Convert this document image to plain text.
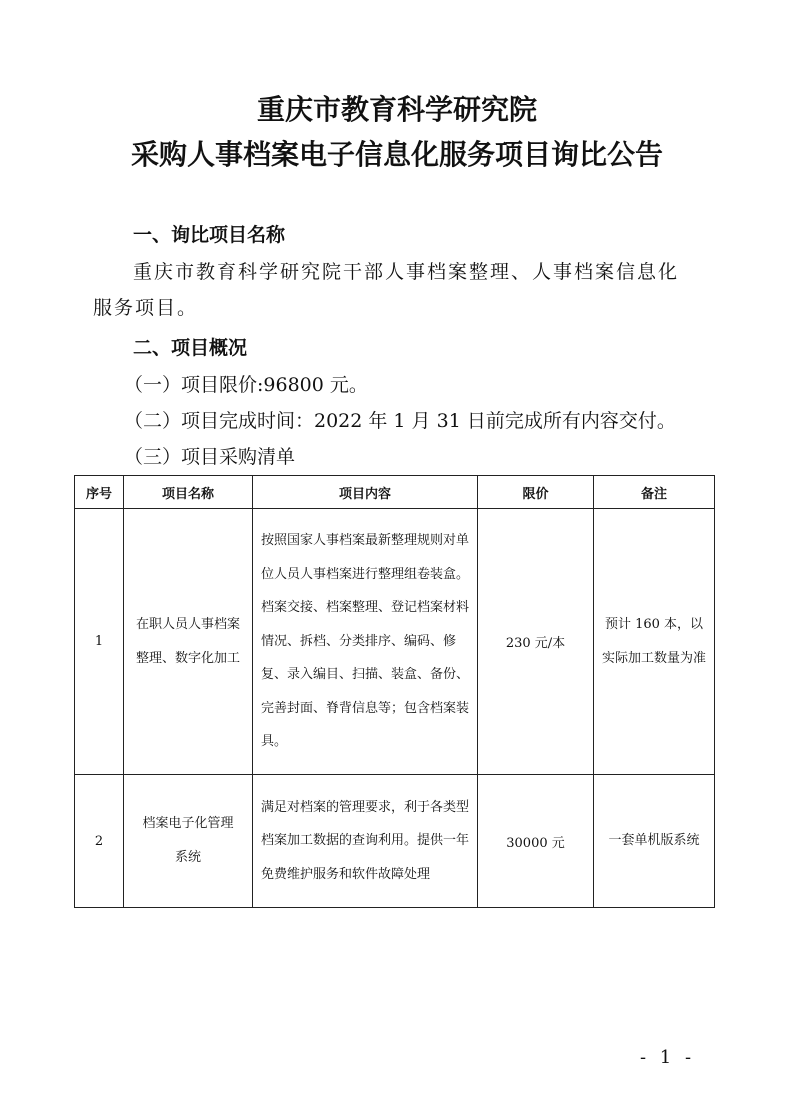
重庆市教育科学研究院
采购人事档案电子信息化服务项目询比公告
一、询比项目名称
重庆市教育科学研究院干部人事档案整理、人事档案信息化
服务项目。
二、项目概况
（一）项目限价:96800 元。
（二）项目完成时间：2022 年 1 月 31 日前完成所有内容交付。
（三）项目采购清单
序号	项目名称	项目内容	限价	备注
1	在职人员人事档案整理、数字化加工	按照国家人事档案最新整理规则对单位人员人事档案进行整理组卷装盒。档案交接、档案整理、登记档案材料情况、拆档、分类排序、编码、修复、录入编目、扫描、装盒、备份、完善封面、脊背信息等；包含档案装具。	230 元/本	预计 160 本，以实际加工数量为准

2	档案电子化管理系统	满足对档案的管理要求，利于各类型档案加工数据的查询利用。提供一年免费维护服务和软件故障处理	30000 元	一套单机版系统
- 1 -
